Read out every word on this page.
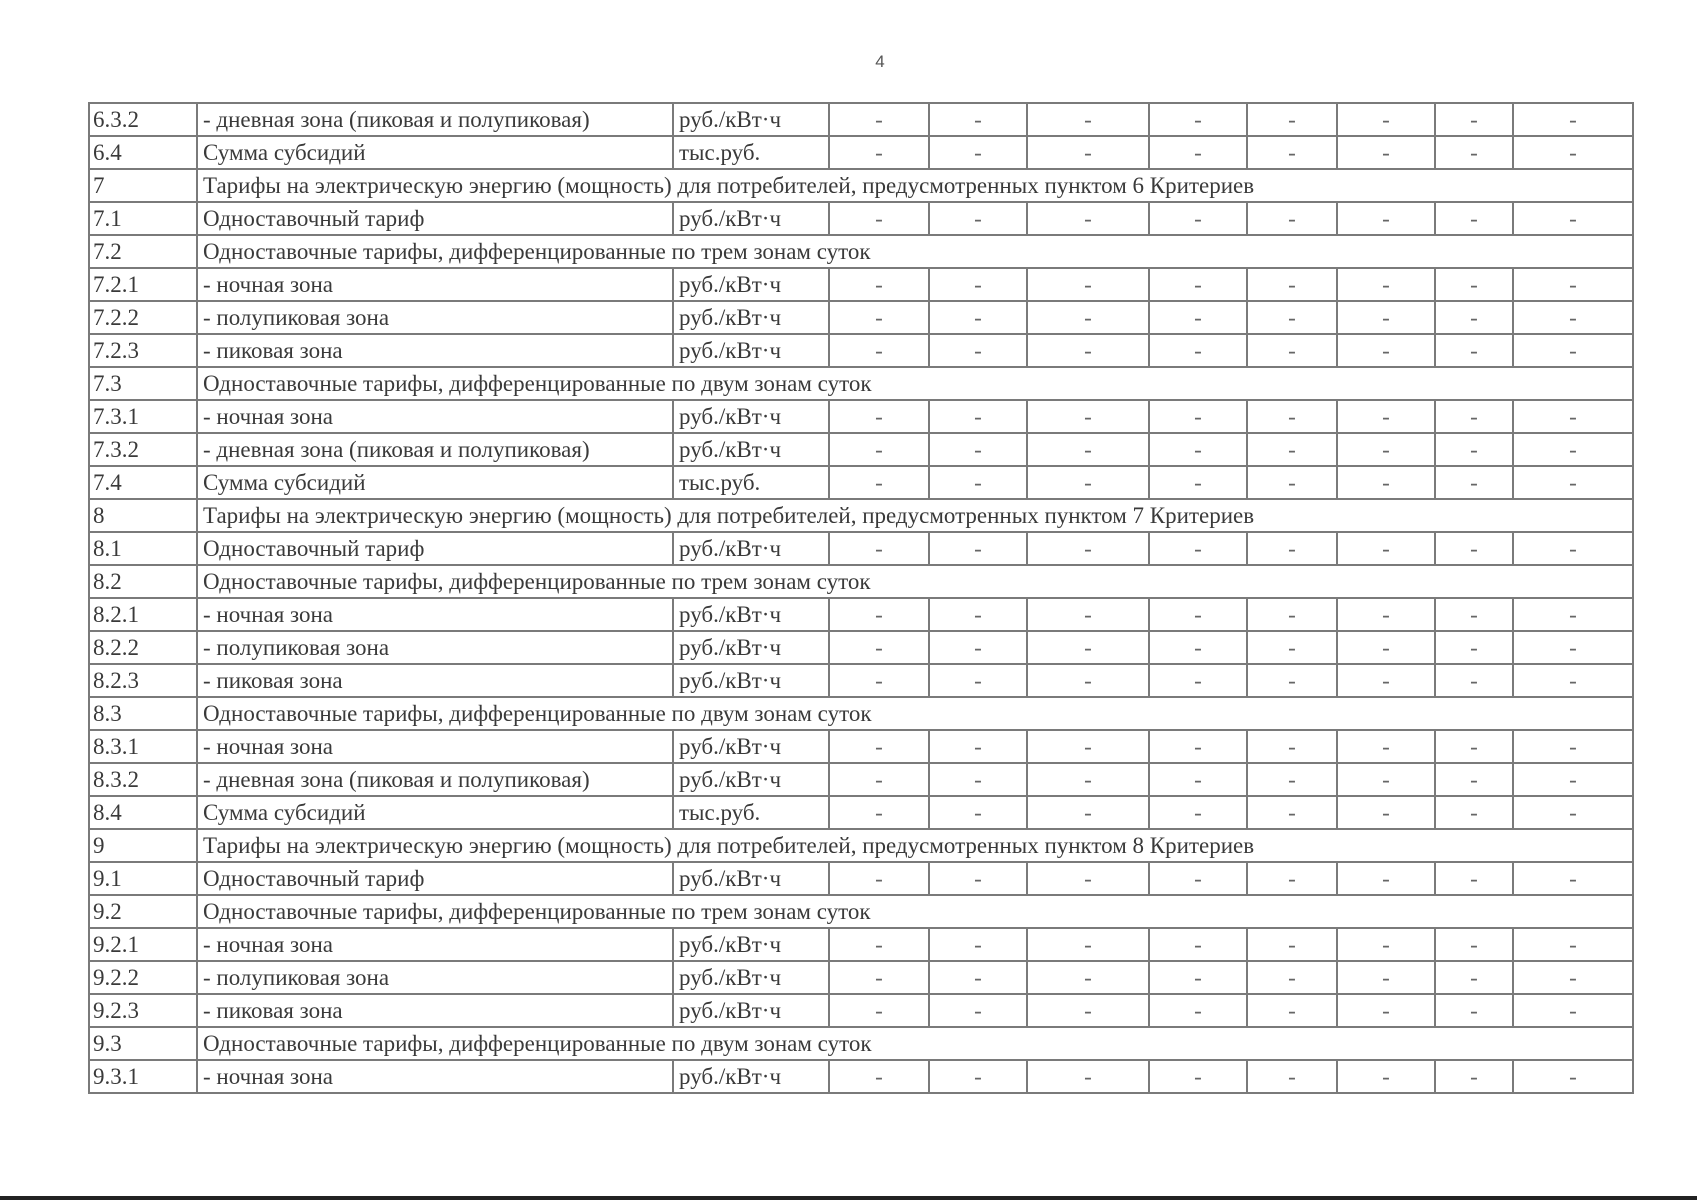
4
6.3.2	- дневная зона (пиковая и полупиковая)	руб./кВт·ч	-	-	-	-	-	-	-	-
6.4	Сумма субсидий	тыс.руб.	-	-	-	-	-	-	-	-
7	Тарифы на электрическую энергию (мощность) для потребителей, предусмотренных пунктом 6 Критериев									
7.1	Одноставочный тариф	руб./кВт·ч	-	-	-	-	-	-	-	-
7.2	Одноставочные тарифы, дифференцированные по трем зонам суток									
7.2.1	- ночная зона	руб./кВт·ч	-	-	-	-	-	-	-	-
7.2.2	- полупиковая зона	руб./кВт·ч	-	-	-	-	-	-	-	-
7.2.3	- пиковая зона	руб./кВт·ч	-	-	-	-	-	-	-	-
7.3	Одноставочные тарифы, дифференцированные по двум зонам суток									
7.3.1	- ночная зона	руб./кВт·ч	-	-	-	-	-	-	-	-
7.3.2	- дневная зона (пиковая и полупиковая)	руб./кВт·ч	-	-	-	-	-	-	-	-
7.4	Сумма субсидий	тыс.руб.	-	-	-	-	-	-	-	-
8	Тарифы на электрическую энергию (мощность) для потребителей, предусмотренных пунктом 7 Критериев									
8.1	Одноставочный тариф	руб./кВт·ч	-	-	-	-	-	-	-	-
8.2	Одноставочные тарифы, дифференцированные по трем зонам суток									
8.2.1	- ночная зона	руб./кВт·ч	-	-	-	-	-	-	-	-
8.2.2	- полупиковая зона	руб./кВт·ч	-	-	-	-	-	-	-	-
8.2.3	- пиковая зона	руб./кВт·ч	-	-	-	-	-	-	-	-
8.3	Одноставочные тарифы, дифференцированные по двум зонам суток									
8.3.1	- ночная зона	руб./кВт·ч	-	-	-	-	-	-	-	-
8.3.2	- дневная зона (пиковая и полупиковая)	руб./кВт·ч	-	-	-	-	-	-	-	-
8.4	Сумма субсидий	тыс.руб.	-	-	-	-	-	-	-	-
9	Тарифы на электрическую энергию (мощность) для потребителей, предусмотренных пунктом 8 Критериев									
9.1	Одноставочный тариф	руб./кВт·ч	-	-	-	-	-	-	-	-
9.2	Одноставочные тарифы, дифференцированные по трем зонам суток									
9.2.1	- ночная зона	руб./кВт·ч	-	-	-	-	-	-	-	-
9.2.2	- полупиковая зона	руб./кВт·ч	-	-	-	-	-	-	-	-
9.2.3	- пиковая зона	руб./кВт·ч	-	-	-	-	-	-	-	-
9.3	Одноставочные тарифы, дифференцированные по двум зонам суток									
9.3.1	- ночная зона	руб./кВт·ч	-	-	-	-	-	-	-	-
